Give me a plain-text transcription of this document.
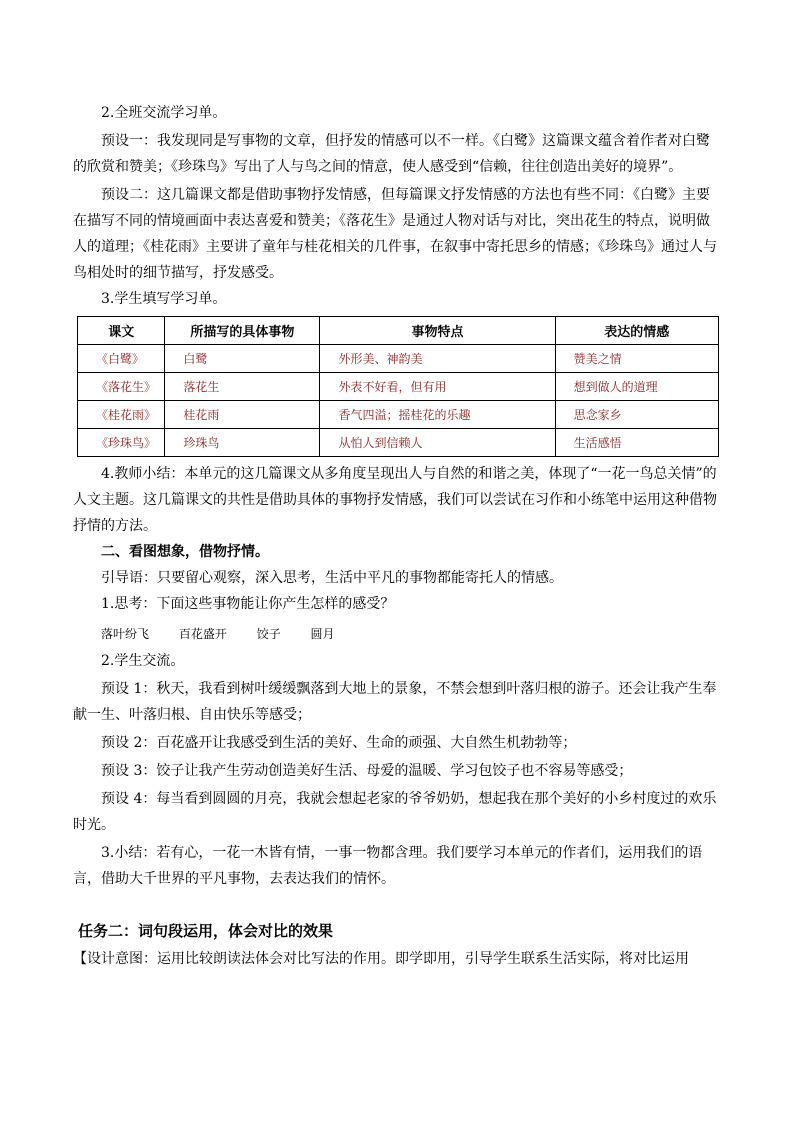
2.全班交流学习单。

预设一：我发现同是写事物的文章，但抒发的情感可以不一样。《白鹭》这篇课文蕴含着作者对白鹭的欣赏和赞美；《珍珠鸟》写出了人与鸟之间的情意，使人感受到“信赖，往往创造出美好的境界”。

预设二：这几篇课文都是借助事物抒发情感，但每篇课文抒发情感的方法也有些不同：《白鹭》主要在描写不同的情境画面中表达喜爱和赞美；《落花生》是通过人物对话与对比，突出花生的特点，说明做人的道理；《桂花雨》主要讲了童年与桂花相关的几件事，在叙事中寄托思乡的情感；《珍珠鸟》通过人与鸟相处时的细节描写，抒发感受。

3.学生填写学习单。

课文	所描写的具体事物	事物特点	表达的情感
《白鹭》	白鹭	外形美、神韵美	赞美之情
《落花生》	落花生	外表不好看，但有用	想到做人的道理
《桂花雨》	桂花雨	香气四溢；摇桂花的乐趣	思念家乡
《珍珠鸟》	珍珠鸟	从怕人到信赖人	生活感悟

4.教师小结：本单元的这几篇课文从多角度呈现出人与自然的和谐之美，体现了“一花一鸟总关情”的人文主题。这几篇课文的共性是借助具体的事物抒发情感，我们可以尝试在习作和小练笔中运用这种借物抒情的方法。

二、看图想象，借物抒情。

引导语：只要留心观察，深入思考，生活中平凡的事物都能寄托人的情感。

1.思考：下面这些事物能让你产生怎样的感受？

落叶纷飞 百花盛开 饺子 圆月

2.学生交流。

预设 1：秋天，我看到树叶缓缓飘落到大地上的景象，不禁会想到叶落归根的游子。还会让我产生奉献一生、叶落归根、自由快乐等感受；

预设 2：百花盛开让我感受到生活的美好、生命的顽强、大自然生机勃勃等；

预设 3：饺子让我产生劳动创造美好生活、母爱的温暖、学习包饺子也不容易等感受；

预设 4：每当看到圆圆的月亮，我就会想起老家的爷爷奶奶，想起我在那个美好的小乡村度过的欢乐时光。

3.小结：若有心，一花一木皆有情，一事一物都含理。我们要学习本单元的作者们，运用我们的语言，借助大千世界的平凡事物，去表达我们的情怀。

任务二：词句段运用，体会对比的效果

【设计意图：运用比较朗读法体会对比写法的作用。即学即用，引导学生联系生活实际，将对比运用
